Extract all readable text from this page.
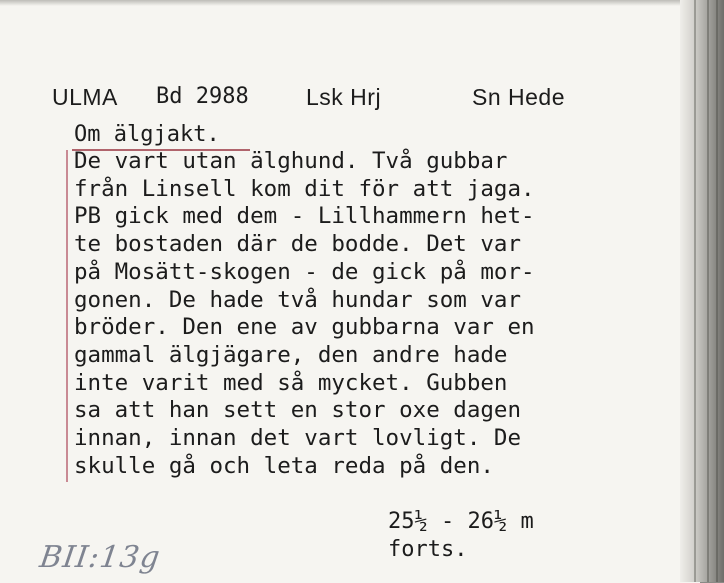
ULMA Bd 2988 Lsk Hrj	Sn Hede
Om älgjakt.
De vart utan älghund. Två gubbar
från Linsell kom dit för att jaga.
PB gick med dem - Lillhammern het-
te bostaden där de bodde. Det var
på Mosätt-skogen - de gick på mor-
gonen. De hade två hundar som var
bröder. Den ene av gubbarna var en
gammal älgjägare, den andre hade
inte varit med så mycket. Gubben
sa att han sett en stor oxe dagen
innan, innan det vart lovligt. De
skulle gå och leta reda på den.
25½ - 26½ m
forts.
BII:13g
